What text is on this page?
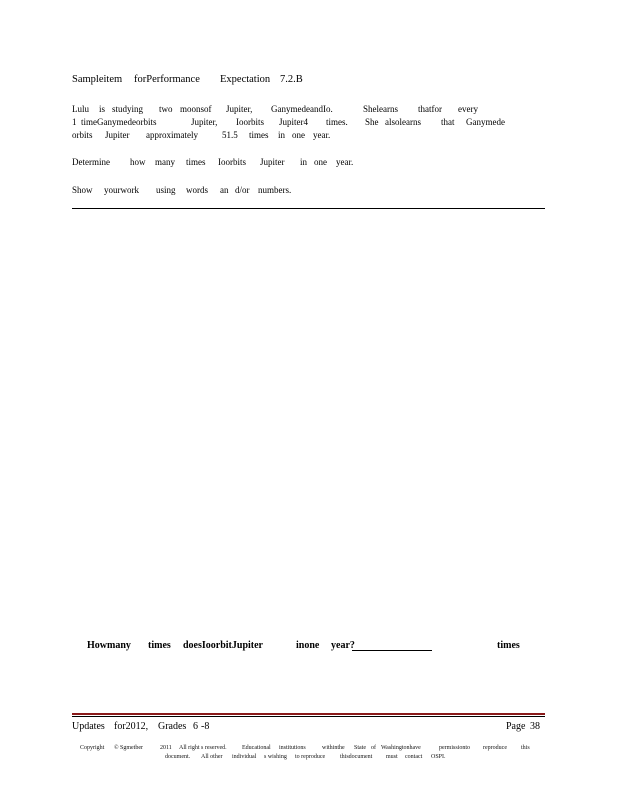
Sampleitem forPerformance Expectation 7.2.B
Lulu is studying two moonsof Jupiter, GanymedeandIo.	Shelearns thatfor every
1 timeGanymedeorbits	Jupiter, Ioorbits Jupiter4 times. She alsolearns that Ganymede
orbits Jupiter approximately	51.5 times in one year.
Determine how many times Ioorbits Jupiter in one year.
Show yourwork using words an d/or numbers.
Howmany times doesIoorbitJupiter	inone year?	times
Updates for2012, Grades 6 -8	Page 38
Copyright © Sgmetber	2011 All right s reserved.	Educational institutions	withinthe State of Washingtonhave	permissionto reproduce this
document. All other individual s wishing to reproduce thisdocument must contact OSPI.
